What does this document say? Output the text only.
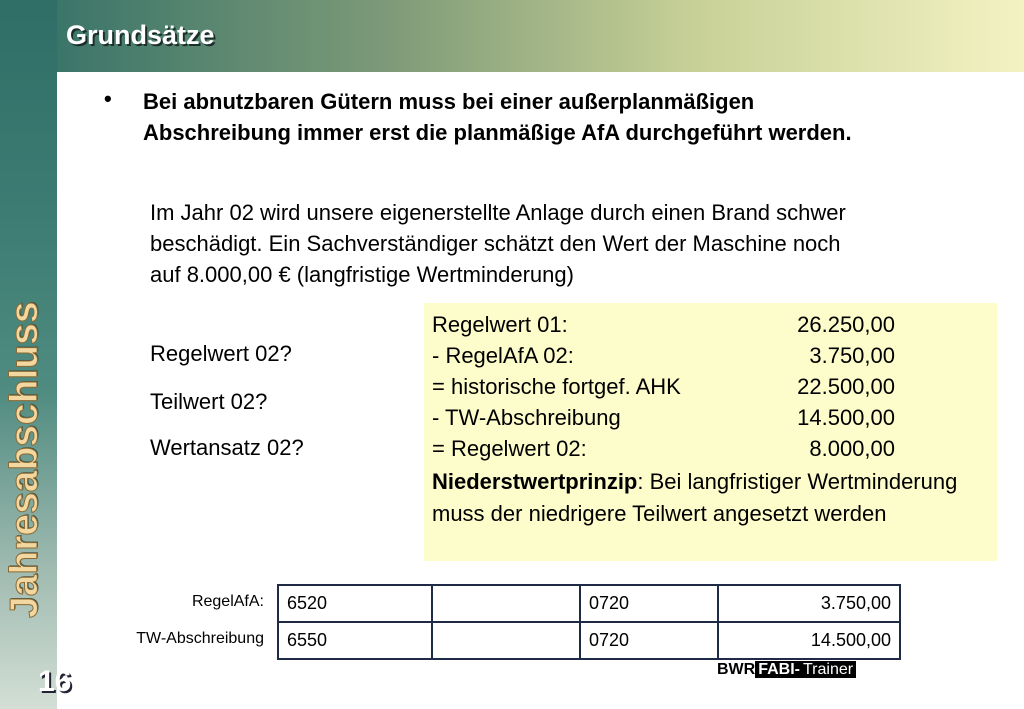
Grundsätze
Jahresabschluss
16
• Bei abnutzbaren Gütern muss bei einer außerplanmäßigen Abschreibung immer erst die planmäßige AfA durchgeführt werden.
Im Jahr 02 wird unsere eigenerstellte Anlage durch einen Brand schwer beschädigt. Ein Sachverständiger schätzt den Wert der Maschine noch auf 8.000,00 € (langfristige Wertminderung)
Regelwert 02?
Teilwert 02?
Wertansatz 02?
Regelwert 01:	26.250,00
- RegelAfA 02:	3.750,00
= historische fortgef. AHK	22.500,00
- TW-Abschreibung	14.500,00
= Regelwert 02:	8.000,00
Niederstwertprinzip: Bei langfristiger Wertminderung muss der niedrigere Teilwert angesetzt werden
RegelAfA:
TW-Abschreibung
6520		0720	3.750,00
6550		0720	14.500,00
BWR FABI- Trainer
